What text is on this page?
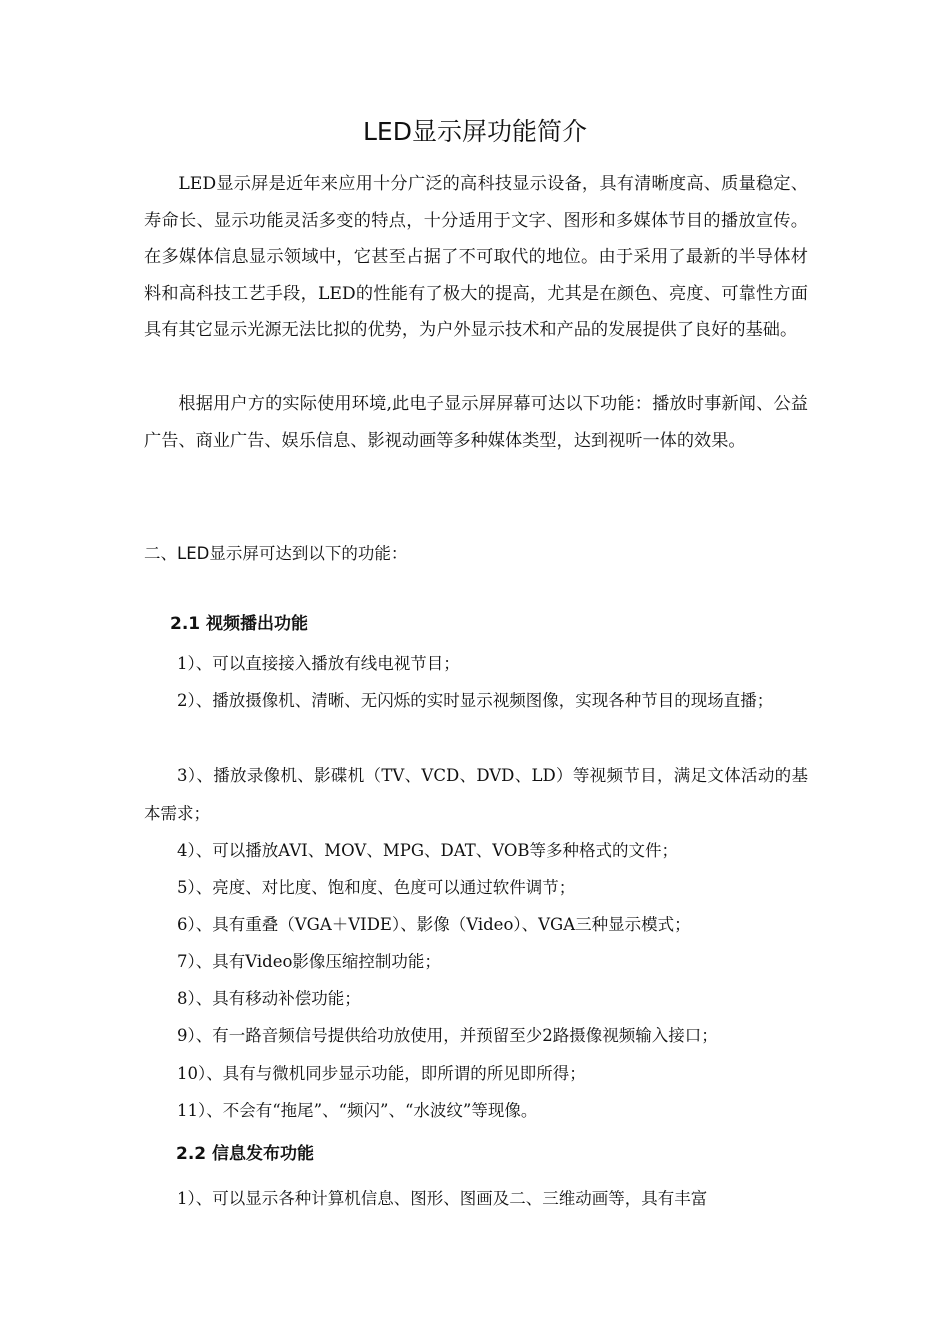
LED显示屏功能简介

LED显示屏是近年来应用十分广泛的高科技显示设备，具有清晰度高、质量稳定、寿命长、显示功能灵活多变的特点，十分适用于文字、图形和多媒体节目的播放宣传。在多媒体信息显示领域中，它甚至占据了不可取代的地位。由于采用了最新的半导体材料和高科技工艺手段，LED的性能有了极大的提高，尤其是在颜色、亮度、可靠性方面具有其它显示光源无法比拟的优势，为户外显示技术和产品的发展提供了良好的基础。

根据用户方的实际使用环境,此电子显示屏屏幕可达以下功能：播放时事新闻、公益广告、商业广告、娱乐信息、影视动画等多种媒体类型，达到视听一体的效果。

二、LED显示屏可达到以下的功能：
2.1 视频播出功能

1）、可以直接接入播放有线电视节目；

2）、播放摄像机、清晰、无闪烁的实时显示视频图像，实现各种节目的现场直播；

3）、播放录像机、影碟机（TV、VCD、DVD、LD）等视频节目，满足文体活动的基本需求；

4）、可以播放AVI、MOV、MPG、DAT、VOB等多种格式的文件；

5）、亮度、对比度、饱和度、色度可以通过软件调节；

6）、具有重叠（VGA＋VIDE）、影像（Video）、VGA三种显示模式；

7）、具有Video影像压缩控制功能；

8）、具有移动补偿功能；

9）、有一路音频信号提供给功放使用，并预留至少2路摄像视频输入接口；

10）、具有与微机同步显示功能，即所谓的所见即所得；

11）、不会有“拖尾”、“频闪”、“水波纹”等现像。

2.2 信息发布功能

1）、可以显示各种计算机信息、图形、图画及二、三维动画等，具有丰富
